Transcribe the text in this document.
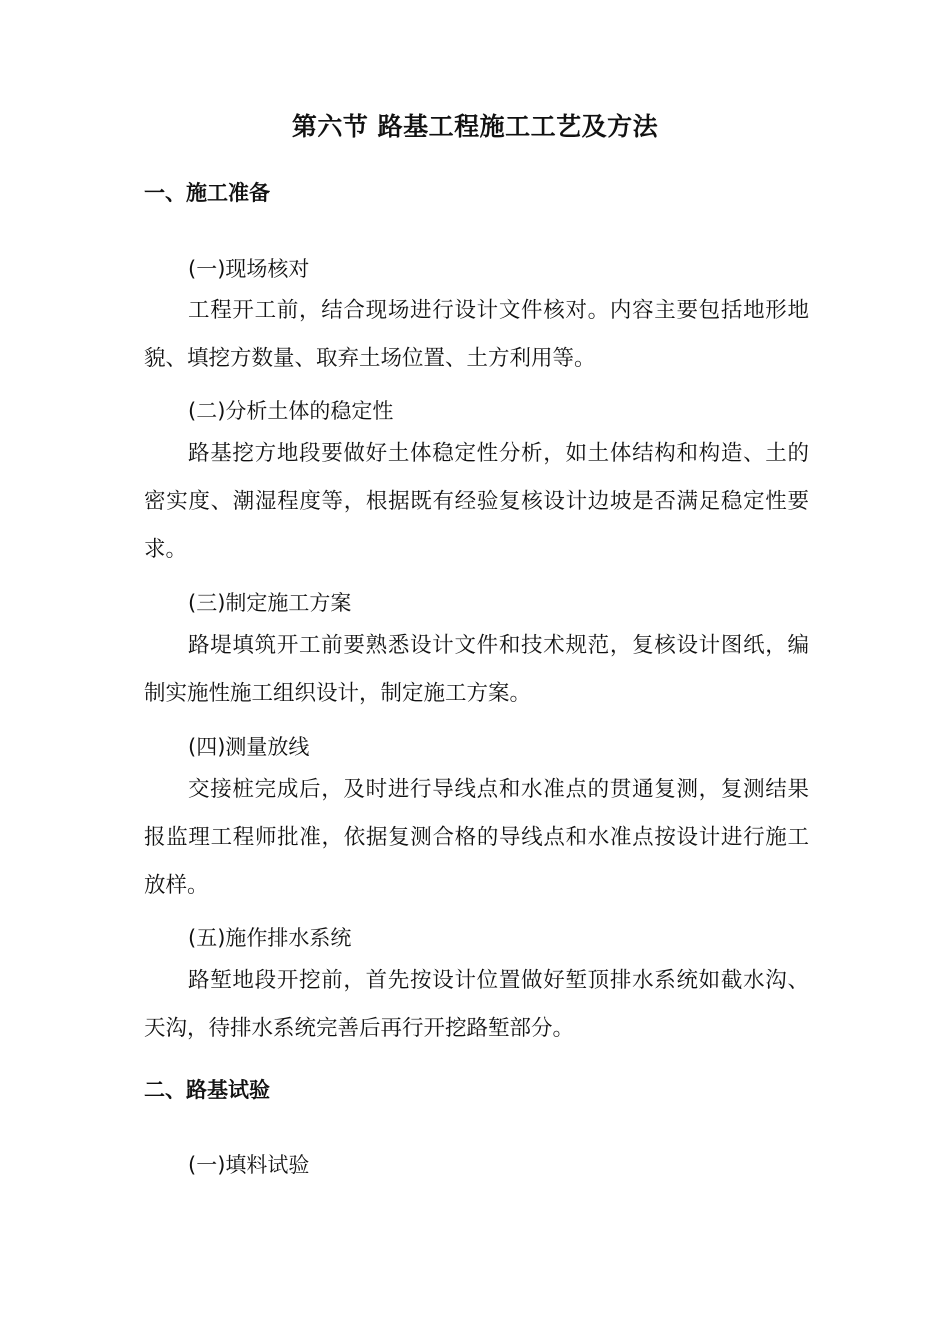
第六节 路基工程施工工艺及方法
一、施工准备
(一)现场核对

工程开工前，结合现场进行设计文件核对。内容主要包括地形地貌、填挖方数量、取弃土场位置、土方利用等。

(二)分析土体的稳定性

路基挖方地段要做好土体稳定性分析，如土体结构和构造、土的密实度、潮湿程度等，根据既有经验复核设计边坡是否满足稳定性要求。

(三)制定施工方案

路堤填筑开工前要熟悉设计文件和技术规范，复核设计图纸，编制实施性施工组织设计，制定施工方案。

(四)测量放线

交接桩完成后，及时进行导线点和水准点的贯通复测，复测结果报监理工程师批准，依据复测合格的导线点和水准点按设计进行施工放样。

(五)施作排水系统

路堑地段开挖前，首先按设计位置做好堑顶排水系统如截水沟、天沟，待排水系统完善后再行开挖路堑部分。

二、路基试验
(一)填料试验
